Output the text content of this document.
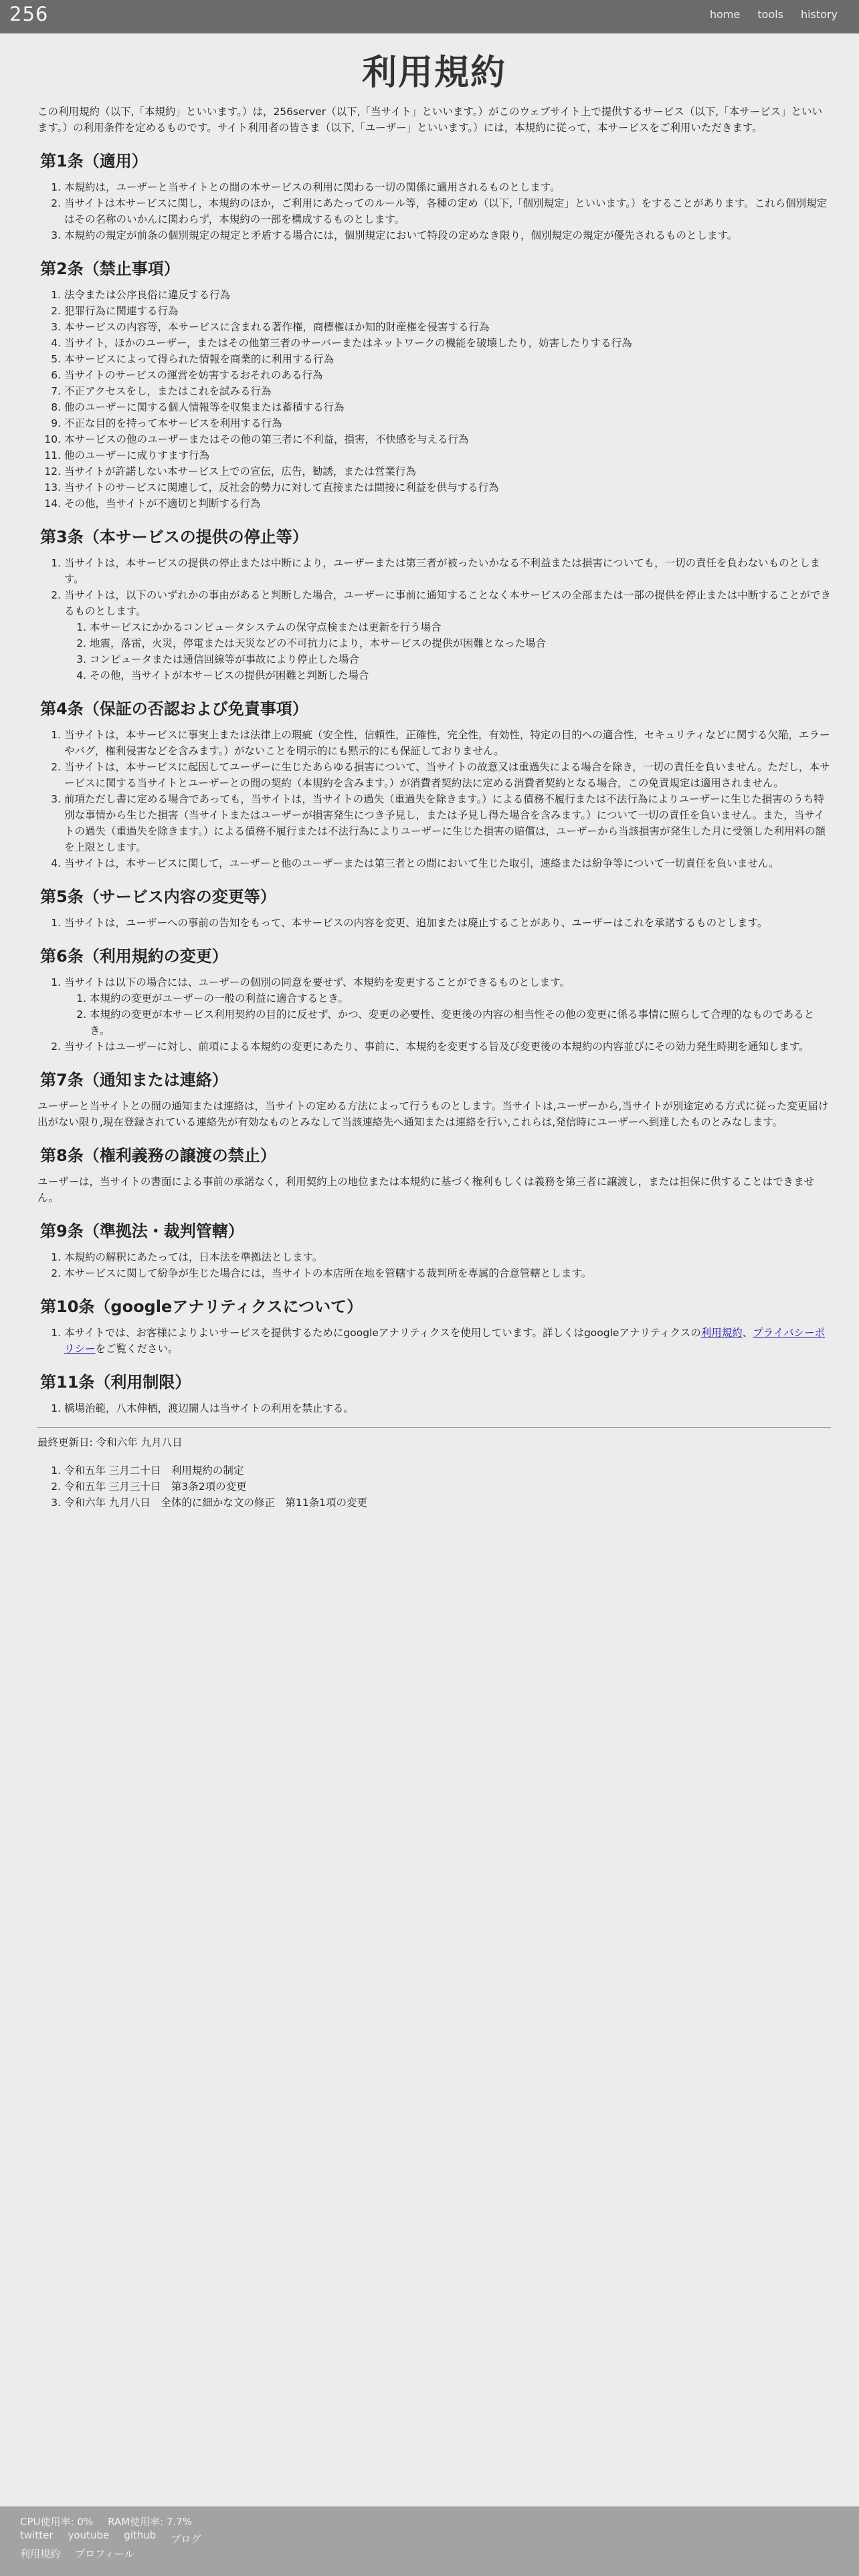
256	home tools history
利用規約

この利用規約（以下,「本規約」といいます。）は，256server（以下,「当サイト」といいます。）がこのウェブサイト上で提供するサービス（以下,「本サービス」といいます。）の利用条件を定めるものです。サイト利用者の皆さま（以下,「ユーザー」といいます。）には，本規約に従って，本サービスをご利用いただきます。

第1条（適用）
1. 本規約は，ユーザーと当サイトとの間の本サービスの利用に関わる一切の関係に適用されるものとします。
2. 当サイトは本サービスに関し，本規約のほか，ご利用にあたってのルール等，各種の定め（以下,「個別規定」といいます。）をすることがあります。これら個別規定はその名称のいかんに関わらず，本規約の一部を構成するものとします。
3. 本規約の規定が前条の個別規定の規定と矛盾する場合には，個別規定において特段の定めなき限り，個別規定の規定が優先されるものとします。
第2条（禁止事項）
1. 法令または公序良俗に違反する行為
2. 犯罪行為に関連する行為
3. 本サービスの内容等，本サービスに含まれる著作権，商標権ほか知的財産権を侵害する行為
4. 当サイト，ほかのユーザー，またはその他第三者のサーバーまたはネットワークの機能を破壊したり，妨害したりする行為
5. 本サービスによって得られた情報を商業的に利用する行為
6. 当サイトのサービスの運営を妨害するおそれのある行為
7. 不正アクセスをし，またはこれを試みる行為
8. 他のユーザーに関する個人情報等を収集または蓄積する行為
9. 不正な目的を持って本サービスを利用する行為
10. 本サービスの他のユーザーまたはその他の第三者に不利益，損害，不快感を与える行為
11. 他のユーザーに成りすます行為
12. 当サイトが許諾しない本サービス上での宣伝，広告，勧誘，または営業行為
13. 当サイトのサービスに関連して，反社会的勢力に対して直接または間接に利益を供与する行為
14. その他，当サイトが不適切と判断する行為
第3条（本サービスの提供の停止等）
1. 当サイトは，本サービスの提供の停止または中断により，ユーザーまたは第三者が被ったいかなる不利益または損害についても，一切の責任を負わないものとします。
2. 当サイトは，以下のいずれかの事由があると判断した場合，ユーザーに事前に通知することなく本サービスの全部または一部の提供を停止または中断することができるものとします。
1. 本サービスにかかるコンピュータシステムの保守点検または更新を行う場合
2. 地震，落雷，火災，停電または天災などの不可抗力により，本サービスの提供が困難となった場合
3. コンピュータまたは通信回線等が事故により停止した場合
4. その他，当サイトが本サービスの提供が困難と判断した場合
第4条（保証の否認および免責事項）
1. 当サイトは，本サービスに事実上または法律上の瑕疵（安全性，信頼性，正確性，完全性，有効性，特定の目的への適合性，セキュリティなどに関する欠陥，エラーやバグ，権利侵害などを含みます。）がないことを明示的にも黙示的にも保証しておりません。
2. 当サイトは，本サービスに起因してユーザーに生じたあらゆる損害について、当サイトの故意又は重過失による場合を除き，一切の責任を負いません。ただし，本サービスに関する当サイトとユーザーとの間の契約（本規約を含みます。）が消費者契約法に定める消費者契約となる場合，この免責規定は適用されません。
3. 前項ただし書に定める場合であっても，当サイトは，当サイトの過失（重過失を除きます。）による債務不履行または不法行為によりユーザーに生じた損害のうち特別な事情から生じた損害（当サイトまたはユーザーが損害発生につき予見し，または予見し得た場合を含みます。）について一切の責任を負いません。また，当サイトの過失（重過失を除きます。）による債務不履行または不法行為によりユーザーに生じた損害の賠償は，ユーザーから当該損害が発生した月に受領した利用料の額を上限とします。
4. 当サイトは，本サービスに関して，ユーザーと他のユーザーまたは第三者との間において生じた取引，連絡または紛争等について一切責任を負いません。
第5条（サービス内容の変更等）
1. 当サイトは，ユーザーへの事前の告知をもって、本サービスの内容を変更、追加または廃止することがあり、ユーザーはこれを承諾するものとします。
第6条（利用規約の変更）
1. 当サイトは以下の場合には、ユーザーの個別の同意を要せず、本規約を変更することができるものとします。
1. 本規約の変更がユーザーの一般の利益に適合するとき。
2. 本規約の変更が本サービス利用契約の目的に反せず、かつ、変更の必要性、変更後の内容の相当性その他の変更に係る事情に照らして合理的なものであるとき。
2. 当サイトはユーザーに対し、前項による本規約の変更にあたり、事前に、本規約を変更する旨及び変更後の本規約の内容並びにその効力発生時期を通知します。
第7条（通知または連絡）

ユーザーと当サイトとの間の通知または連絡は，当サイトの定める方法によって行うものとします。当サイトは,ユーザーから,当サイトが別途定める方式に従った変更届け出がない限り,現在登録されている連絡先が有効なものとみなして当該連絡先へ通知または連絡を行い,これらは,発信時にユーザーへ到達したものとみなします。

第8条（権利義務の譲渡の禁止）

ユーザーは，当サイトの書面による事前の承諾なく，利用契約上の地位または本規約に基づく権利もしくは義務を第三者に譲渡し，または担保に供することはできません。

第9条（準拠法・裁判管轄）
1. 本規約の解釈にあたっては，日本法を準拠法とします。
2. 本サービスに関して紛争が生じた場合には，当サイトの本店所在地を管轄する裁判所を専属的合意管轄とします。
第10条（googleアナリティクスについて）
1. 本サイトでは、お客様によりよいサービスを提供するためにgoogleアナリティクスを使用しています。詳しくはgoogleアナリティクスの利用規約、プライバシーポリシーをご覧ください。
第11条（利用制限）
1. 橋場治範，八木伸栖，渡辺闇人は当サイトの利用を禁止する。
最終更新日: 令和六年 九月八日
1. 令和五年 三月二十日　利用規約の制定
2. 令和五年 三月三十日　第3条2項の変更
3. 令和六年 九月八日　全体的に細かな文の修正　第11条1項の変更
CPU使用率: 0% RAM使用率: 7.7%
twitter youtube github ブログ
利用規約 プロフィール
